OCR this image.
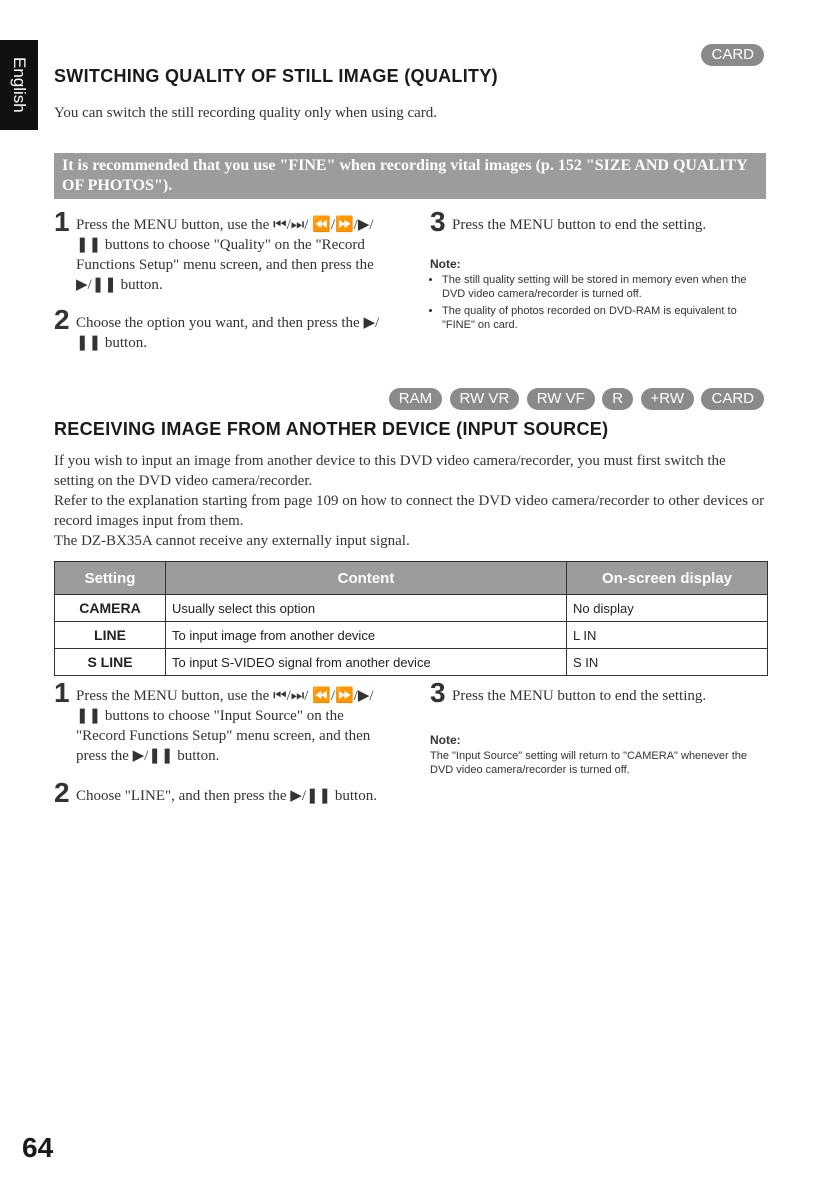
English
CARD
SWITCHING QUALITY OF STILL IMAGE (QUALITY)
You can switch the still recording quality only when using card.
It is recommended that you use "FINE" when recording vital images (p. 152 "SIZE AND QUALITY OF PHOTOS").
1 Press the MENU button, use the ⏮/⏭/ ⏪/⏩/▶/❚❚ buttons to choose "Quality" on the "Record Functions Setup" menu screen, and then press the ▶/❚❚ button.
2 Choose the option you want, and then press the ▶/❚❚ button.
3 Press the MENU button to end the setting.
Note:
• The still quality setting will be stored in memory even when the DVD video camera/recorder is turned off.
• The quality of photos recorded on DVD-RAM is equivalent to "FINE" on card.
RAM RW VR RW VF R +RW CARD
RECEIVING IMAGE FROM ANOTHER DEVICE (INPUT SOURCE)
If you wish to input an image from another device to this DVD video camera/recorder, you must first switch the setting on the DVD video camera/recorder.
Refer to the explanation starting from page 109 on how to connect the DVD video camera/recorder to other devices or record images input from them.
The DZ-BX35A cannot receive any externally input signal.
Setting	Content	On-screen display
CAMERA	Usually select this option	No display
LINE	To input image from another device	L IN
S LINE	To input S-VIDEO signal from another device	S IN
1 Press the MENU button, use the ⏮/⏭/ ⏪/⏩/▶/❚❚ buttons to choose "Input Source" on the "Record Functions Setup" menu screen, and then press the ▶/❚❚ button.
2 Choose "LINE", and then press the ▶/❚❚ button.
3 Press the MENU button to end the setting.
Note:
The "Input Source" setting will return to "CAMERA" whenever the DVD video camera/recorder is turned off.
64
